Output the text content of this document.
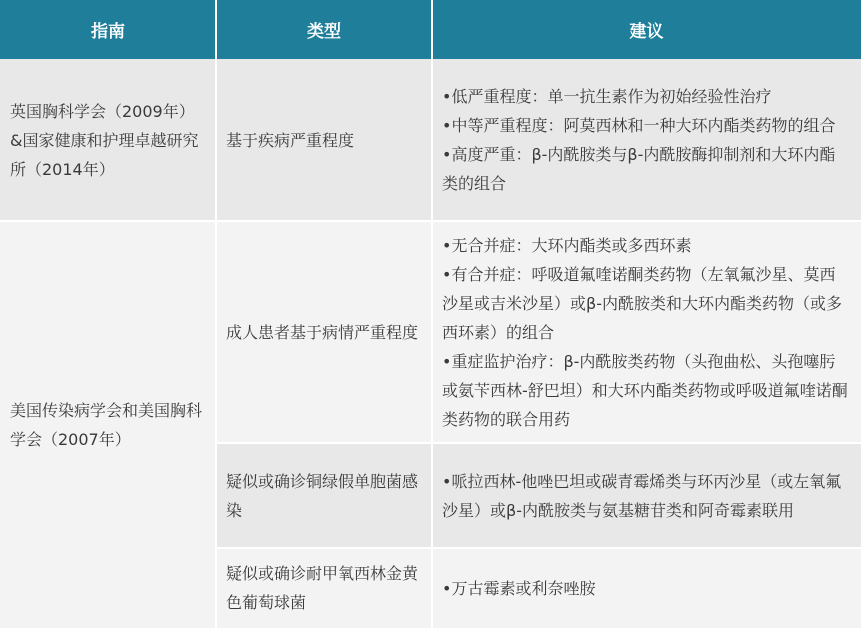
指南	类型	建议
英国胸科学会（2009年）&国家健康和护理卓越研究所（2014年）
基于疾病严重程度
•低严重程度：单一抗生素作为初始经验性治疗
•中等严重程度：阿莫西林和一种大环内酯类药物的组合
•高度严重：β-内酰胺类与β-内酰胺酶抑制剂和大环内酯类的组合
美国传染病学会和美国胸科学会（2007年）
成人患者基于病情严重程度
•无合并症：大环内酯类或多西环素
•有合并症：呼吸道氟喹诺酮类药物（左氧氟沙星、莫西沙星或吉米沙星）或β-内酰胺类和大环内酯类药物（或多西环素）的组合
•重症监护治疗：β-内酰胺类药物（头孢曲松、头孢噻肟或氨苄西林-舒巴坦）和大环内酯类药物或呼吸道氟喹诺酮类药物的联合用药
疑似或确诊铜绿假单胞菌感染
•哌拉西林-他唑巴坦或碳青霉烯类与环丙沙星（或左氧氟沙星）或β-内酰胺类与氨基糖苷类和阿奇霉素联用
疑似或确诊耐甲氧西林金黄色葡萄球菌
•万古霉素或利奈唑胺
